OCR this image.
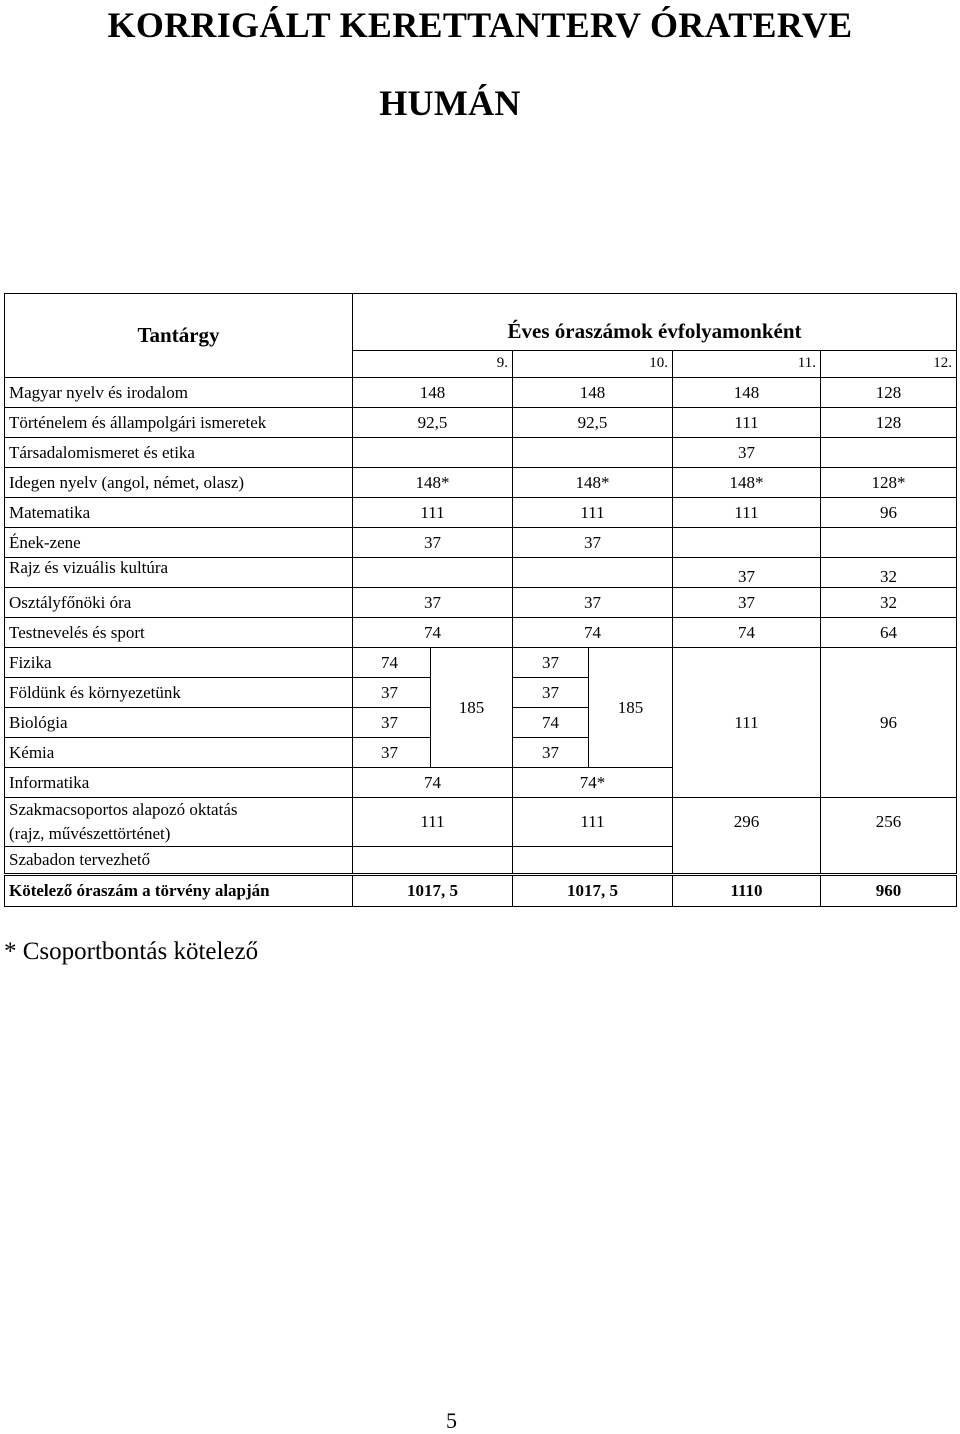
KORRIGÁLT KERETTANTERV ÓRATERVE
HUMÁN
Tantárgy	Éves óraszámok évfolyamonként					
	9.		10.		11.	12.
Magyar nyelv és irodalom	148		148		148	128
Történelem és állampolgári ismeretek	92,5		92,5		111	128
Társadalomismeret és etika					37	
Idegen nyelv (angol, német, olasz)	148*		148*		148*	128*
Matematika	111		111		111	96
Ének-zene	37		37			
Rajz és vizuális kultúra					37	32
Osztályfőnöki óra	37		37		37	32
Testnevelés és sport	74		74		74	64
Fizika	74	185	37	185	111	96
Földünk és környezetünk	37		37			
Biológia	37		74			
Kémia	37		37			
Informatika	74		74*			
Szakmacsoportos alapozó oktatás
(rajz, művészettörténet)	111		111		296	256
Szabadon tervezhető						
Kötelező óraszám a törvény alapján	1017, 5		1017, 5		1110	960
* Csoportbontás kötelező
5
